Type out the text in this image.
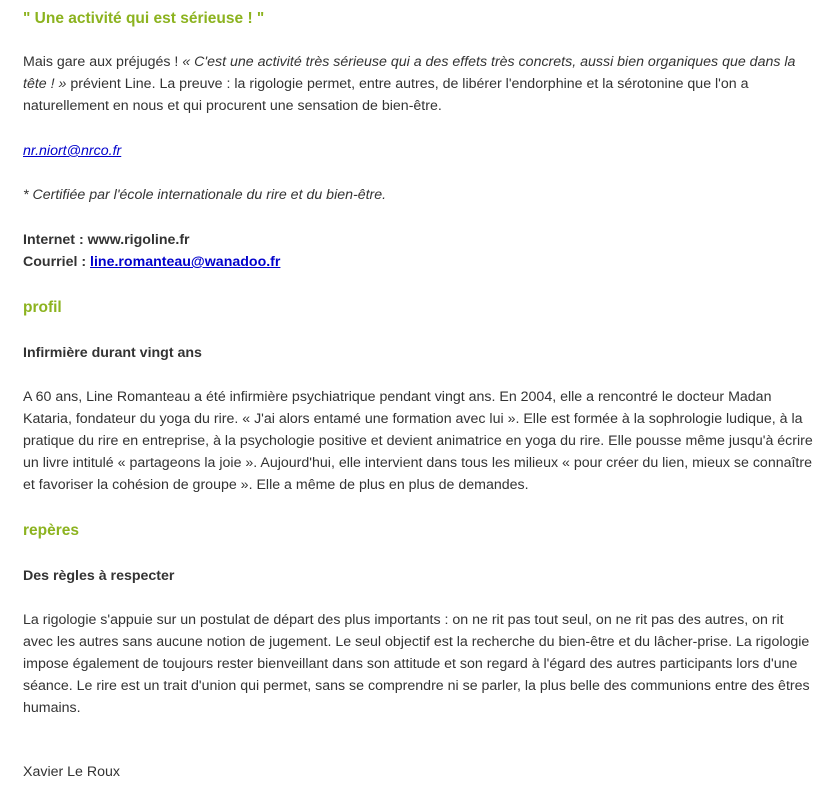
" Une activité qui est sérieuse ! "

Mais gare aux préjugés ! « C'est une activité très sérieuse qui a des effets très concrets, aussi bien organiques que dans la tête ! » prévient Line. La preuve : la rigologie permet, entre autres, de libérer l'endorphine et la sérotonine que l'on a naturellement en nous et qui procurent une sensation de bien-être.

nr.niort@nrco.fr
* Certifiée par l'école internationale du rire et du bien-être.
Internet : www.rigoline.fr
Courriel : line.romanteau@wanadoo.fr
profil
Infirmière durant vingt ans

A 60 ans, Line Romanteau a été infirmière psychiatrique pendant vingt ans. En 2004, elle a rencontré le docteur Madan Kataria, fondateur du yoga du rire. « J'ai alors entamé une formation avec lui ». Elle est formée à la sophrologie ludique, à la pratique du rire en entreprise, à la psychologie positive et devient animatrice en yoga du rire. Elle pousse même jusqu'à écrire un livre intitulé « partageons la joie ». Aujourd'hui, elle intervient dans tous les milieux « pour créer du lien, mieux se connaître et favoriser la cohésion de groupe ». Elle a même de plus en plus de demandes.

repères
Des règles à respecter

La rigologie s'appuie sur un postulat de départ des plus importants : on ne rit pas tout seul, on ne rit pas des autres, on rit avec les autres sans aucune notion de jugement. Le seul objectif est la recherche du bien-être et du lâcher-prise. La rigologie impose également de toujours rester bienveillant dans son attitude et son regard à l'égard des autres participants lors d'une séance. Le rire est un trait d'union qui permet, sans se comprendre ni se parler, la plus belle des communions entre des êtres humains.

Xavier Le Roux
